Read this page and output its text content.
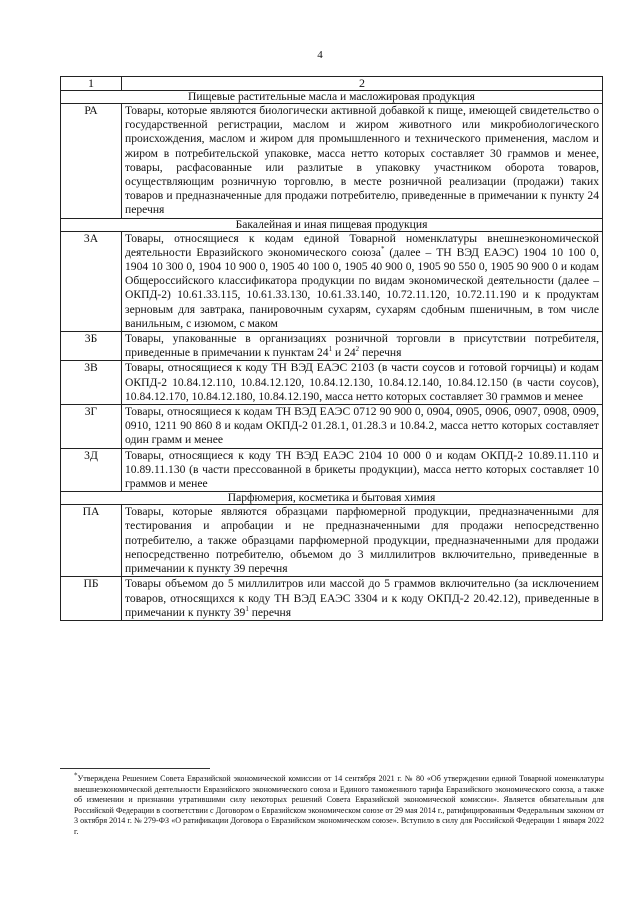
4
1	2
Пищевые растительные масла и масложировая продукция	
РА	Товары, которые являются биологически активной добавкой к пище, имеющей свидетельство о государственной регистрации, маслом и жиром животного или микробиологического происхождения, маслом и жиром для промышленного и технического применения, маслом и жиром в потребительской упаковке, масса нетто которых составляет 30 граммов и менее, товары, расфасованные или разлитые в упаковку участником оборота товаров, осуществляющим розничную торговлю, в месте розничной реализации (продажи) таких товаров и предназначенные для продажи потребителю, приведенные в примечании к пункту 24 перечня
Бакалейная и иная пищевая продукция	
3А	Товары, относящиеся к кодам единой Товарной номенклатуры внешнеэкономической деятельности Евразийского экономического союза* (далее – ТН ВЭД ЕАЭС) 1904 10 100 0, 1904 10 300 0, 1904 10 900 0, 1905 40 100 0, 1905 40 900 0, 1905 90 550 0, 1905 90 900 0 и кодам Общероссийского классификатора продукции по видам экономической деятельности (далее – ОКПД-2) 10.61.33.115, 10.61.33.130, 10.61.33.140, 10.72.11.120, 10.72.11.190 и к продуктам зерновым для завтрака, панировочным сухарям, сухарям сдобным пшеничным, в том числе ванильным, с изюмом, с маком
3Б	Товары, упакованные в организациях розничной торговли в присутствии потребителя, приведенные в примечании к пунктам $24^1$ и $24^2$ перечня
3В	Товары, относящиеся к коду ТН ВЭД ЕАЭС 2103 (в части соусов и готовой горчицы) и кодам ОКПД-2 10.84.12.110, 10.84.12.120, 10.84.12.130, 10.84.12.140, 10.84.12.150 (в части соусов), 10.84.12.170, 10.84.12.180, 10.84.12.190, масса нетто которых составляет 30 граммов и менее
3Г	Товары, относящиеся к кодам ТН ВЭД ЕАЭС 0712 90 900 0, 0904, 0905, 0906, 0907, 0908, 0909, 0910, 1211 90 860 8 и кодам ОКПД-2 01.28.1, 01.28.3 и 10.84.2, масса нетто которых составляет один грамм и менее
3Д	Товары, относящиеся к коду ТН ВЭД ЕАЭС 2104 10 000 0 и кодам ОКПД-2 10.89.11.110 и 10.89.11.130 (в части прессованной в брикеты продукции), масса нетто которых составляет 10 граммов и менее
Парфюмерия, косметика и бытовая химия	
ПА	Товары, которые являются образцами парфюмерной продукции, предназначенными для тестирования и апробации и не предназначенными для продажи непосредственно потребителю, а также образцами парфюмерной продукции, предназначенными для продажи непосредственно потребителю, объемом до 3 миллилитров включительно, приведенные в примечании к пункту 39 перечня
ПБ	Товары объемом до 5 миллилитров или массой до 5 граммов включительно (за исключением товаров, относящихся к коду ТН ВЭД ЕАЭС 3304 и к коду ОКПД-2 20.42.12), приведенные в примечании к пункту $39^1$ перечня
*Утверждена Решением Совета Евразийской экономической комиссии от 14 сентября 2021 г. № 80 «Об утверждении единой Товарной номенклатуры внешнеэкономической деятельности Евразийского экономического союза и Единого таможенного тарифа Евразийского экономического союза, а также об изменении и признании утратившими силу некоторых решений Совета Евразийской экономической комиссии». Является обязательным для Российской Федерации в соответствии с Договором о Евразийском экономическом союзе от 29 мая 2014 г., ратифицированным Федеральным законом от 3 октября 2014 г. № 279-ФЗ «О ратификации Договора о Евразийском экономическом союзе». Вступило в силу для Российской Федерации 1 января 2022 г.
